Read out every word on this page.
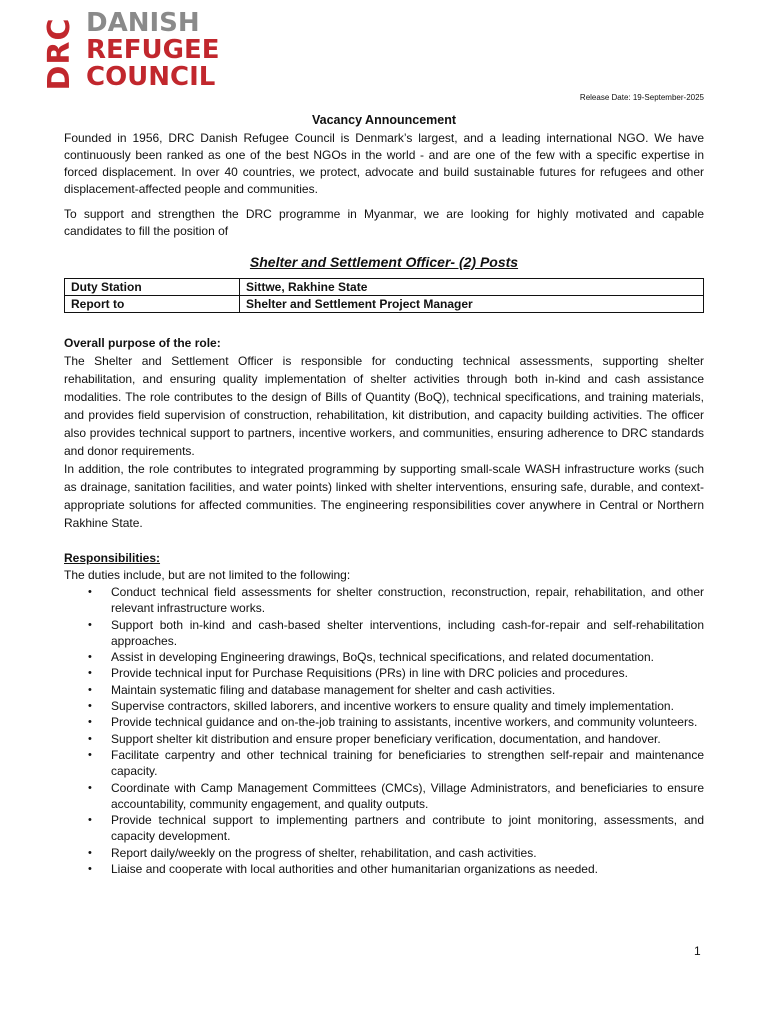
DRC DANISH
REFUGEE
COUNCIL
Release Date: 19-September-2025
Vacancy Announcement

Founded in 1956, DRC Danish Refugee Council is Denmark’s largest, and a leading international NGO. We have continuously been ranked as one of the best NGOs in the world - and are one of the few with a specific expertise in forced displacement. In over 40 countries, we protect, advocate and build sustainable futures for refugees and other displacement-affected people and communities.

To support and strengthen the DRC programme in Myanmar, we are looking for highly motivated and capable candidates to fill the position of

Shelter and Settlement Officer- (2) Posts
Duty Station	Sittwe, Rakhine State
Report to	Shelter and Settlement Project Manager
Overall purpose of the role:

The Shelter and Settlement Officer is responsible for conducting technical assessments, supporting shelter rehabilitation, and ensuring quality implementation of shelter activities through both in-kind and cash assistance modalities. The role contributes to the design of Bills of Quantity (BoQ), technical specifications, and training materials, and provides field supervision of construction, rehabilitation, kit distribution, and capacity building activities. The officer also provides technical support to partners, incentive workers, and communities, ensuring adherence to DRC standards and donor requirements.

In addition, the role contributes to integrated programming by supporting small-scale WASH infrastructure works (such as drainage, sanitation facilities, and water points) linked with shelter interventions, ensuring safe, durable, and context-appropriate solutions for affected communities. The engineering responsibilities cover anywhere in Central or Northern Rakhine State.

Responsibilities:
The duties include, but are not limited to the following:
• Conduct technical field assessments for shelter construction, reconstruction, repair, rehabilitation, and other relevant infrastructure works.
• Support both in-kind and cash-based shelter interventions, including cash-for-repair and self-rehabilitation approaches.
• Assist in developing Engineering drawings, BoQs, technical specifications, and related documentation.
• Provide technical input for Purchase Requisitions (PRs) in line with DRC policies and procedures.
• Maintain systematic filing and database management for shelter and cash activities.
• Supervise contractors, skilled laborers, and incentive workers to ensure quality and timely implementation.
• Provide technical guidance and on-the-job training to assistants, incentive workers, and community volunteers.
• Support shelter kit distribution and ensure proper beneficiary verification, documentation, and handover.
• Facilitate carpentry and other technical training for beneficiaries to strengthen self-repair and maintenance capacity.
• Coordinate with Camp Management Committees (CMCs), Village Administrators, and beneficiaries to ensure accountability, community engagement, and quality outputs.
• Provide technical support to implementing partners and contribute to joint monitoring, assessments, and capacity development.
• Report daily/weekly on the progress of shelter, rehabilitation, and cash activities.
• Liaise and cooperate with local authorities and other humanitarian organizations as needed.
1
